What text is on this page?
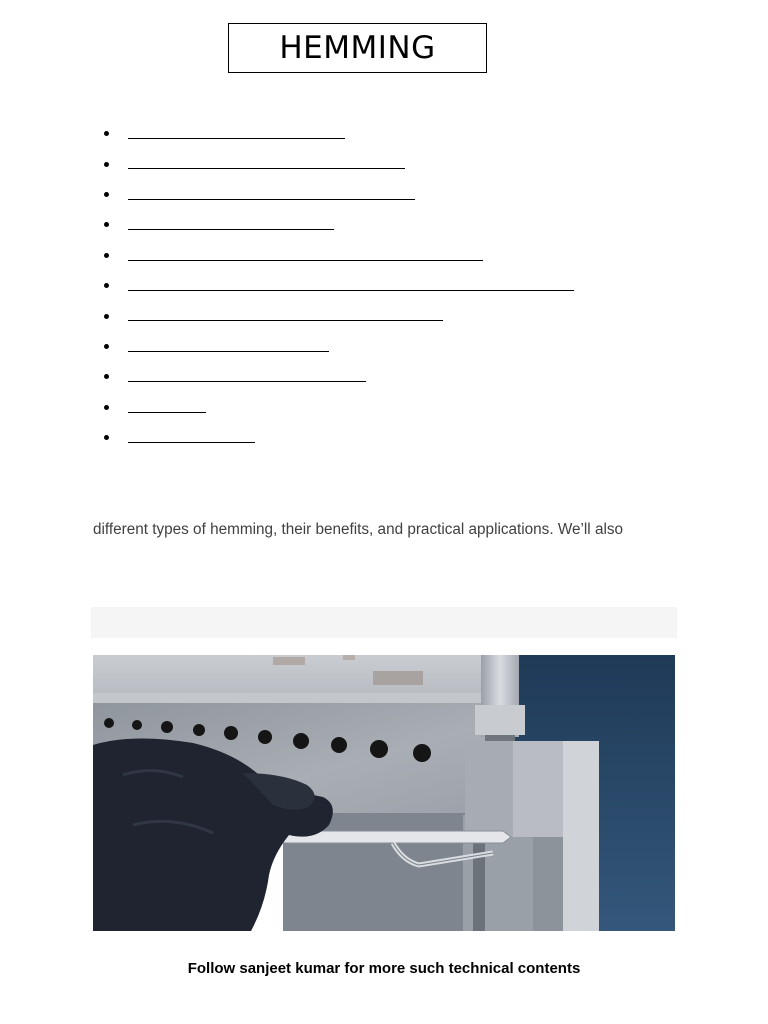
HEMMING

different types of hemming, their benefits, and practical applications. We’ll also

Follow sanjeet kumar for more such technical contents
